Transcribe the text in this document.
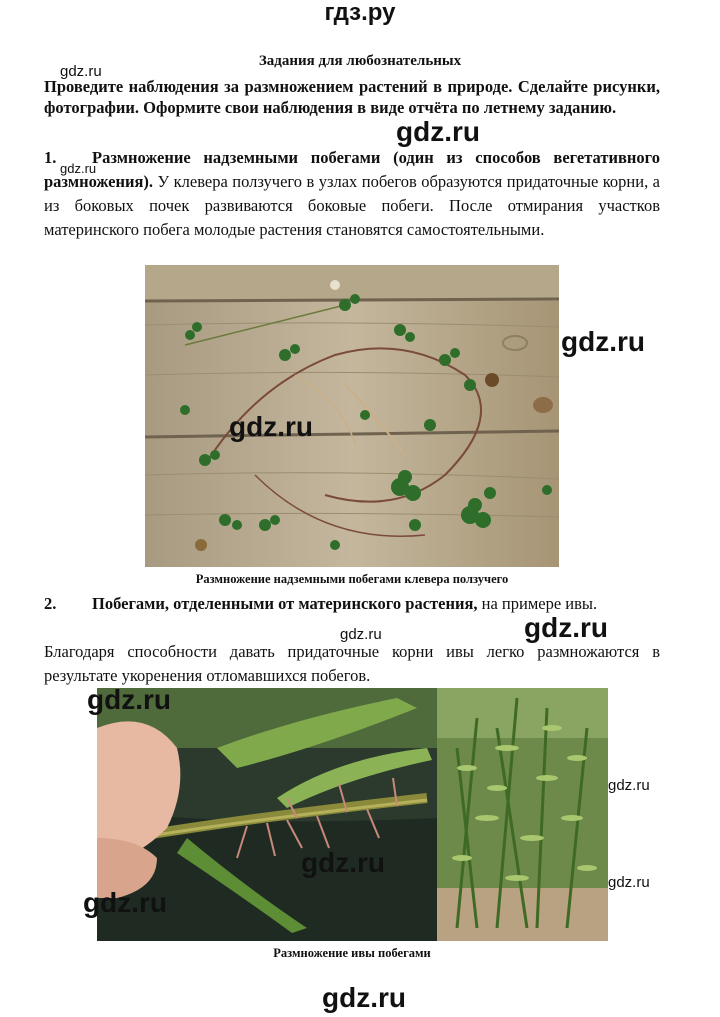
гдз.ру
Задания для любознательных
Проведите наблюдения за размножением растений в природе. Сделайте рисунки, фотографии. Оформите свои наблюдения в виде отчёта по летнему заданию.
1. Размножение надземными побегами (один из способов вегетативного размножения). У клевера ползучего в узлах побегов образуются придаточные корни, а из боковых почек развиваются боковые побеги. После отмирания участков материнского побега молодые растения становятся самостоятельными.
Размножение надземными побегами клевера ползучего
2. Побегами, отделенными от материнского растения, на примере ивы.
Благодаря способности давать придаточные корни ивы легко размножаются в результате укоренения отломавшихся побегов.
Размножение ивы побегами
gdz.ru
gdz.ru
gdz.ru
gdz.ru
gdz.ru
gdz.ru	gdz.ru
gdz.ru
gdz.ru
gdz.ru
gdz.ru
gdz.ru
gdz.ru
